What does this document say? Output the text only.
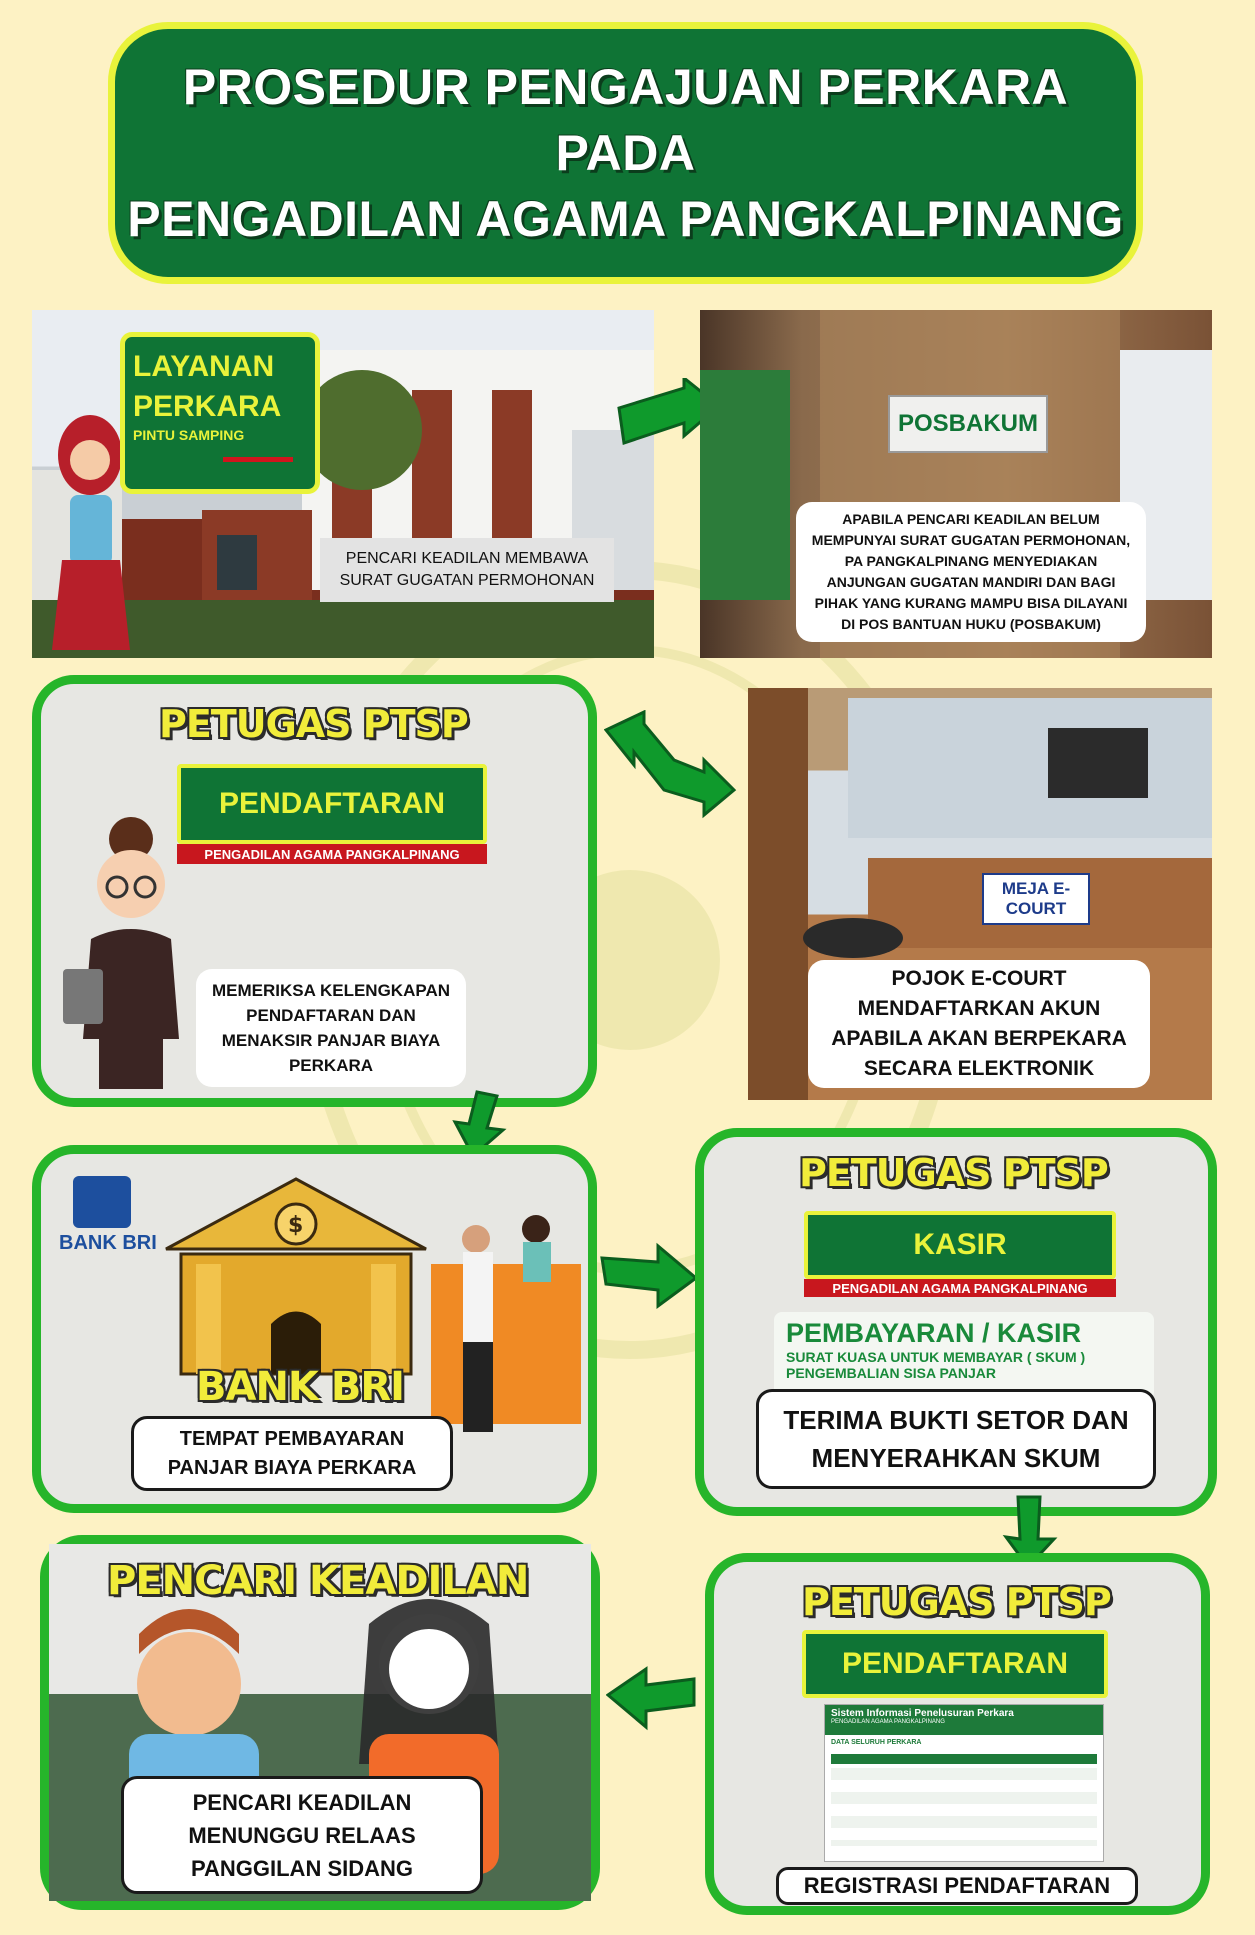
PROSEDUR PENGAJUAN PERKARA PADA
PENGADILAN AGAMA PANGKALPINANG
LAYANAN
PERKARA
PINTU SAMPING
PENCARI KEADILAN MEMBAWA SURAT GUGATAN PERMOHONAN
POSBAKUM
APABILA PENCARI KEADILAN BELUM MEMPUNYAI SURAT GUGATAN PERMOHONAN, PA PANGKALPINANG MENYEDIAKAN ANJUNGAN GUGATAN MANDIRI DAN BAGI PIHAK YANG KURANG MAMPU BISA DILAYANI DI POS BANTUAN HUKU (POSBAKUM)
PETUGAS PTSP
PENDAFTARAN
PENGADILAN AGAMA PANGKALPINANG
MEMERIKSA KELENGKAPAN PENDAFTARAN DAN MENAKSIR PANJAR BIAYA PERKARA
MEJA E-COURT
POJOK E-COURT MENDAFTARKAN AKUN APABILA AKAN BERPEKARA SECARA ELEKTRONIK
BANK BRI
$
BANK BRI
TEMPAT PEMBAYARAN PANJAR BIAYA PERKARA
PETUGAS PTSP
KASIR
PENGADILAN AGAMA PANGKALPINANG
PEMBAYARAN / KASIR
SURAT KUASA UNTUK MEMBAYAR ( SKUM )
PENGEMBALIAN SISA PANJAR
TERIMA BUKTI SETOR DAN MENYERAHKAN SKUM
PENCARI KEADILAN
PENCARI KEADILAN MENUNGGU RELAAS PANGGILAN SIDANG
PETUGAS PTSP
PENDAFTARAN
Sistem Informasi Penelusuran Perkara
PENGADILAN AGAMA PANGKALPINANG
DATA SELURUH PERKARA
REGISTRASI PENDAFTARAN
